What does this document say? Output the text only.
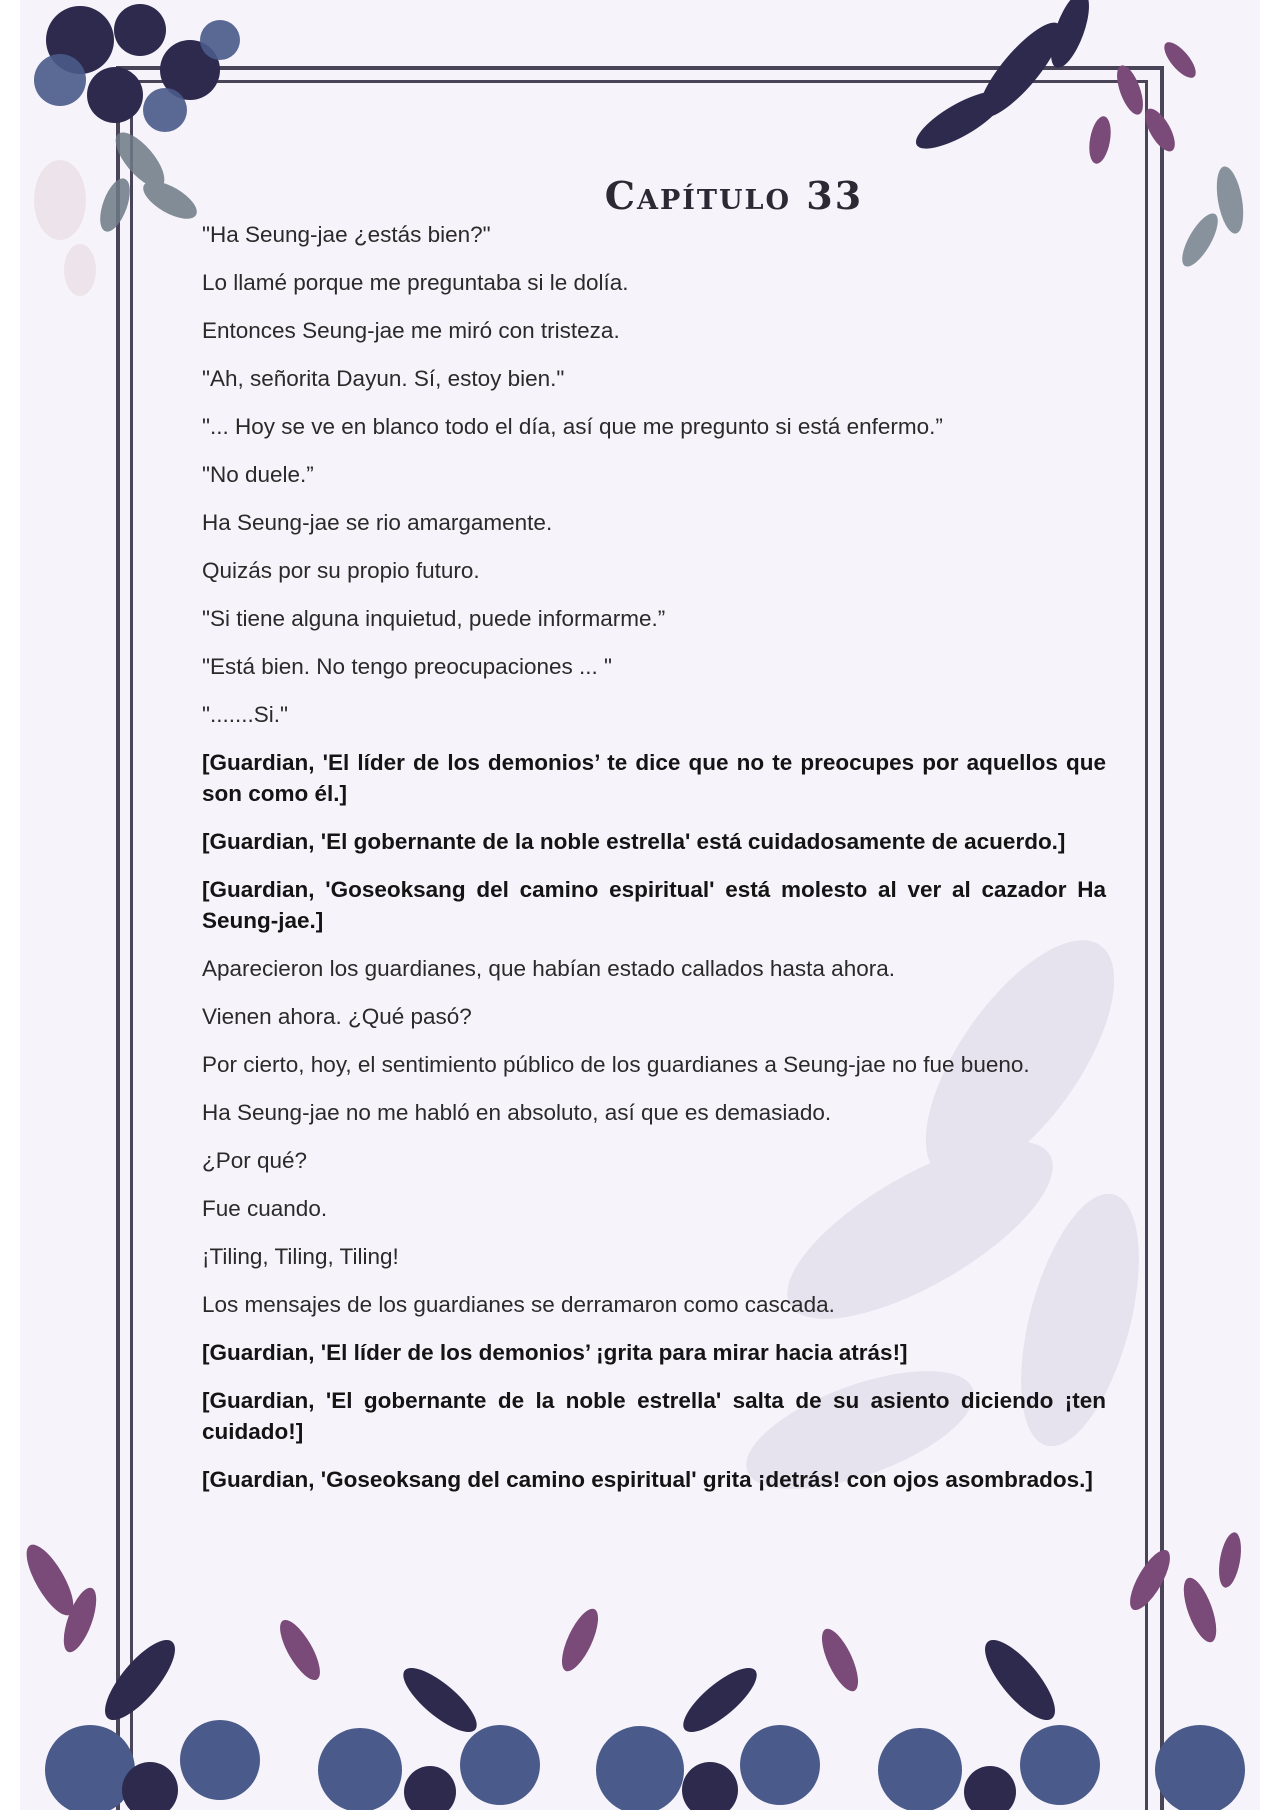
Capítulo 33
"Ha Seung-jae ¿estás bien?"
Lo llamé porque me preguntaba si le dolía.
Entonces Seung-jae me miró con tristeza.
"Ah, señorita Dayun. Sí, estoy bien."
"... Hoy se ve en blanco todo el día, así que me pregunto si está enfermo.”
"No duele.”
Ha Seung-jae se rio amargamente.
Quizás por su propio futuro.
"Si tiene alguna inquietud, puede informarme.”
"Está bien. No tengo preocupaciones ... "
".......Si."
[Guardian, 'El líder de los demonios’ te dice que no te preocupes por aquellos que son como él.]
[Guardian, 'El gobernante de la noble estrella' está cuidadosamente de acuerdo.]
[Guardian, 'Goseoksang del camino espiritual' está molesto al ver al cazador Ha Seung-jae.]
Aparecieron los guardianes, que habían estado callados hasta ahora.
Vienen ahora. ¿Qué pasó?
Por cierto, hoy, el sentimiento público de los guardianes a Seung-jae no fue bueno.
Ha Seung-jae no me habló en absoluto, así que es demasiado.
¿Por qué?
Fue cuando.
¡Tiling, Tiling, Tiling!
Los mensajes de los guardianes se derramaron como cascada.
[Guardian, 'El líder de los demonios’ ¡grita para mirar hacia atrás!]
[Guardian, 'El gobernante de la noble estrella' salta de su asiento diciendo ¡ten cuidado!]
[Guardian, 'Goseoksang del camino espiritual' grita ¡detrás! con ojos asombrados.]
